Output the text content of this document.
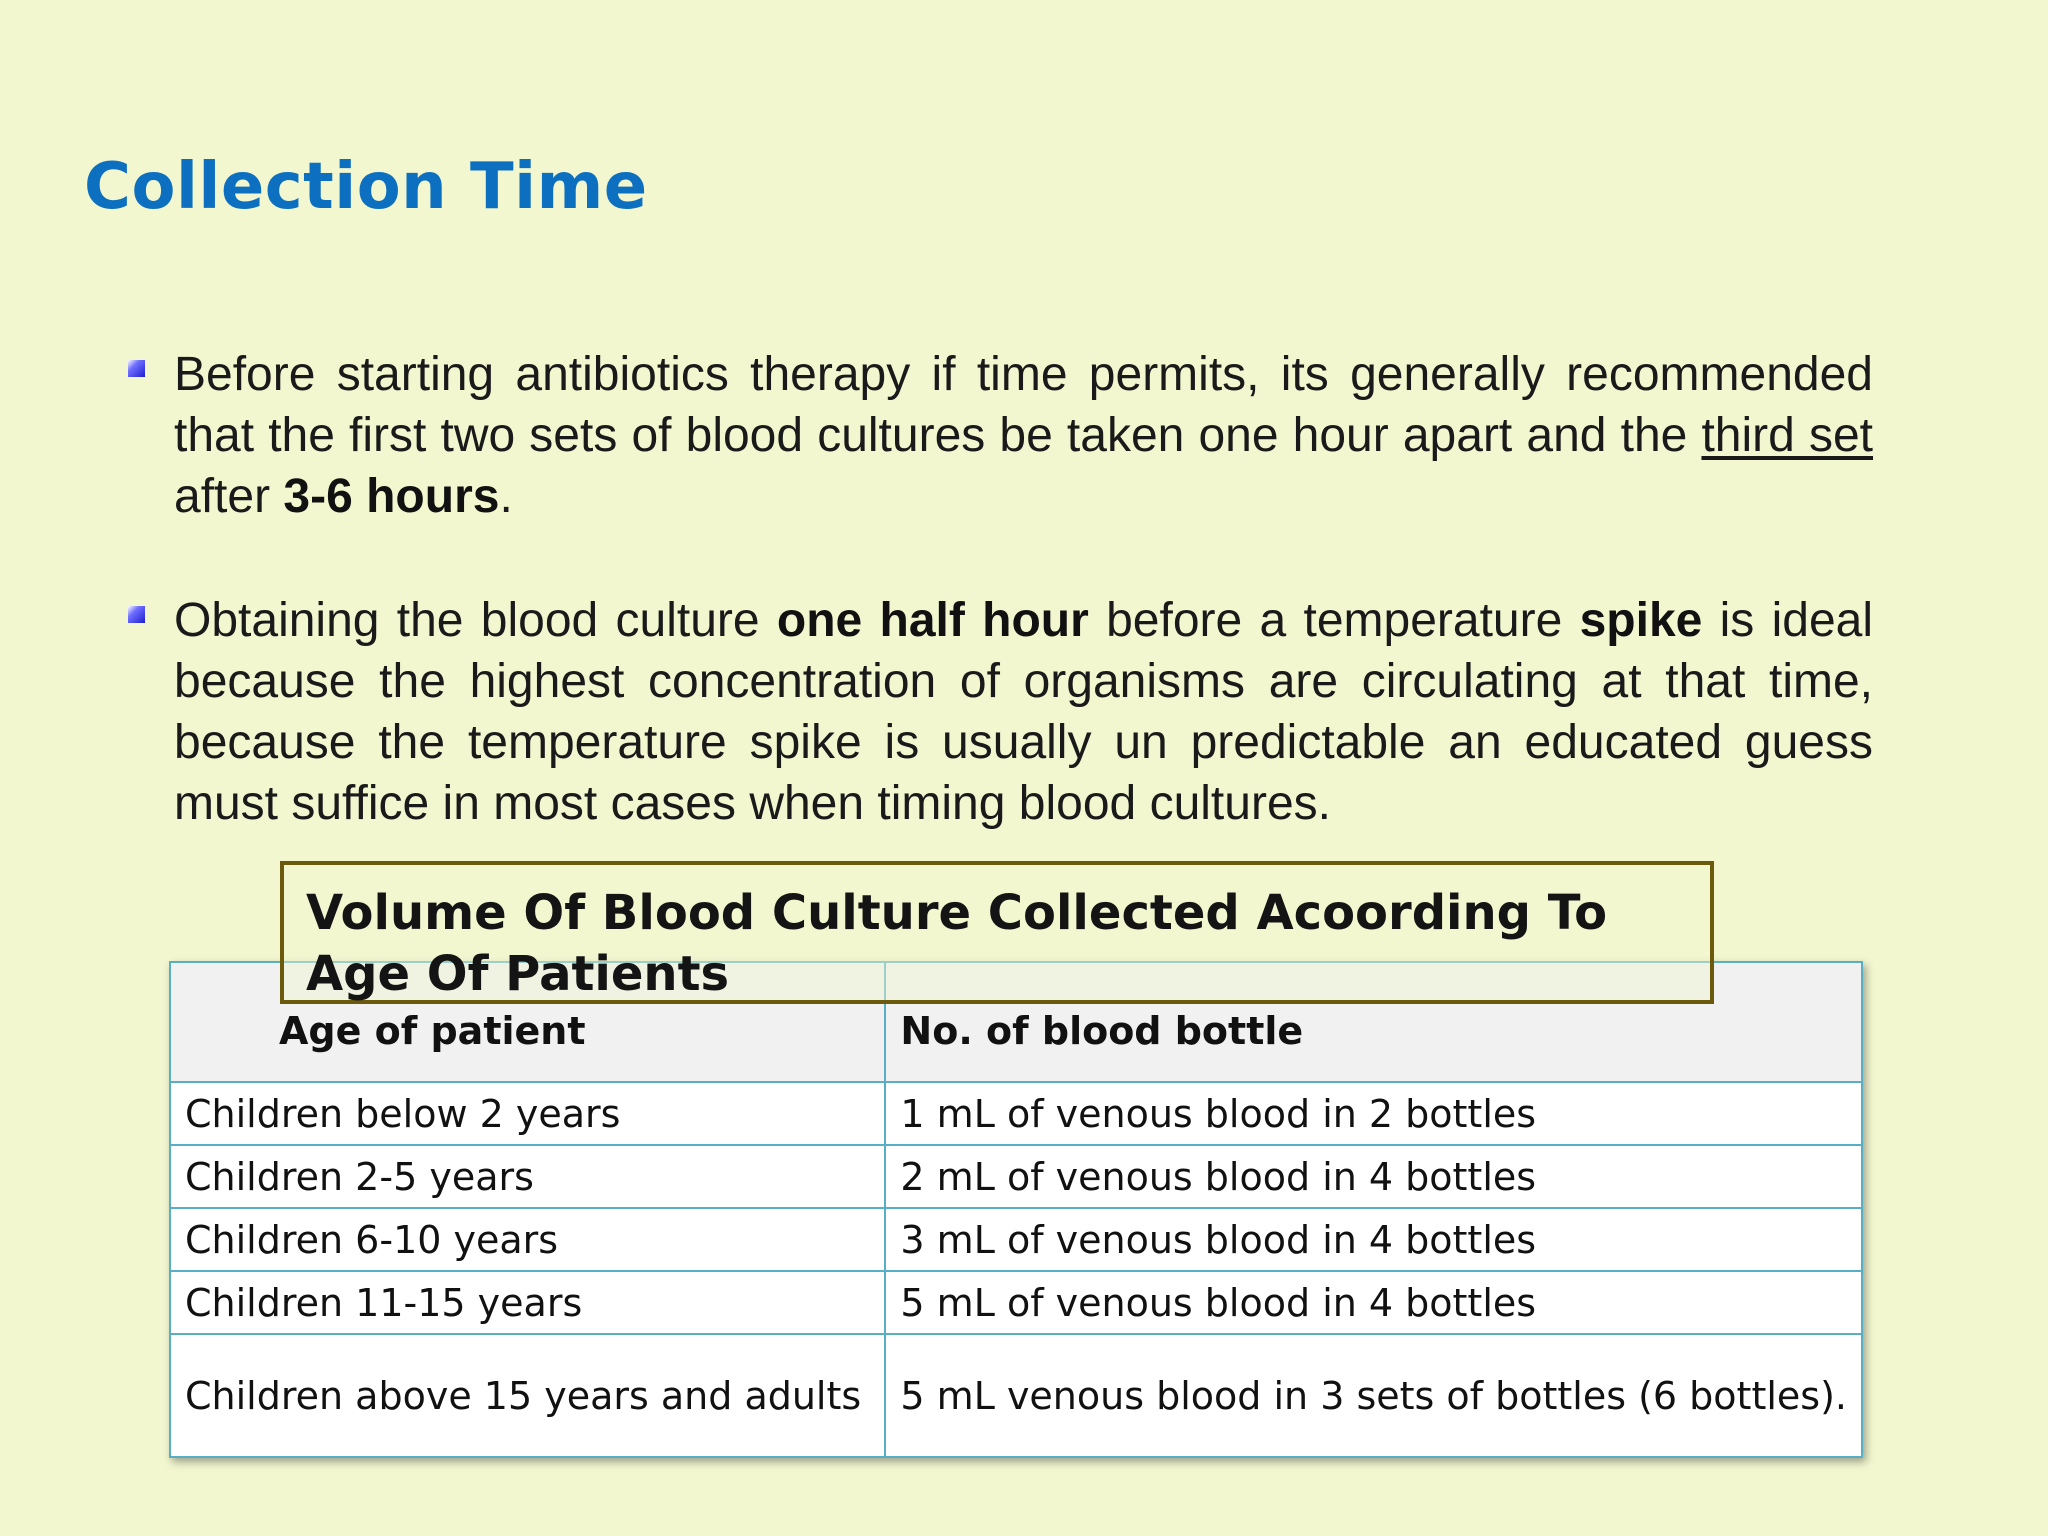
Collection Time
Before starting antibiotics therapy if time permits, its generally recommended that the first two sets of blood cultures be taken one hour apart and the third set after 3-6 hours.
Obtaining the blood culture one half hour before a temperature spike is ideal because the highest concentration of organisms are circulating at that time, because the temperature spike is usually un predictable an educated guess must suffice in most cases when timing blood cultures.
Age of patient	No. of blood bottle
Children below 2 years	1 mL of venous blood in 2 bottles
Children 2-5 years	2 mL of venous blood in 4 bottles
Children 6-10 years	3 mL of venous blood in 4 bottles
Children 11-15 years	5 mL of venous blood in 4 bottles
Children above 15 years and adults	5 mL venous blood in 3 sets of bottles (6 bottles).
Volume Of Blood Culture Collected Acoording To Age Of Patients
